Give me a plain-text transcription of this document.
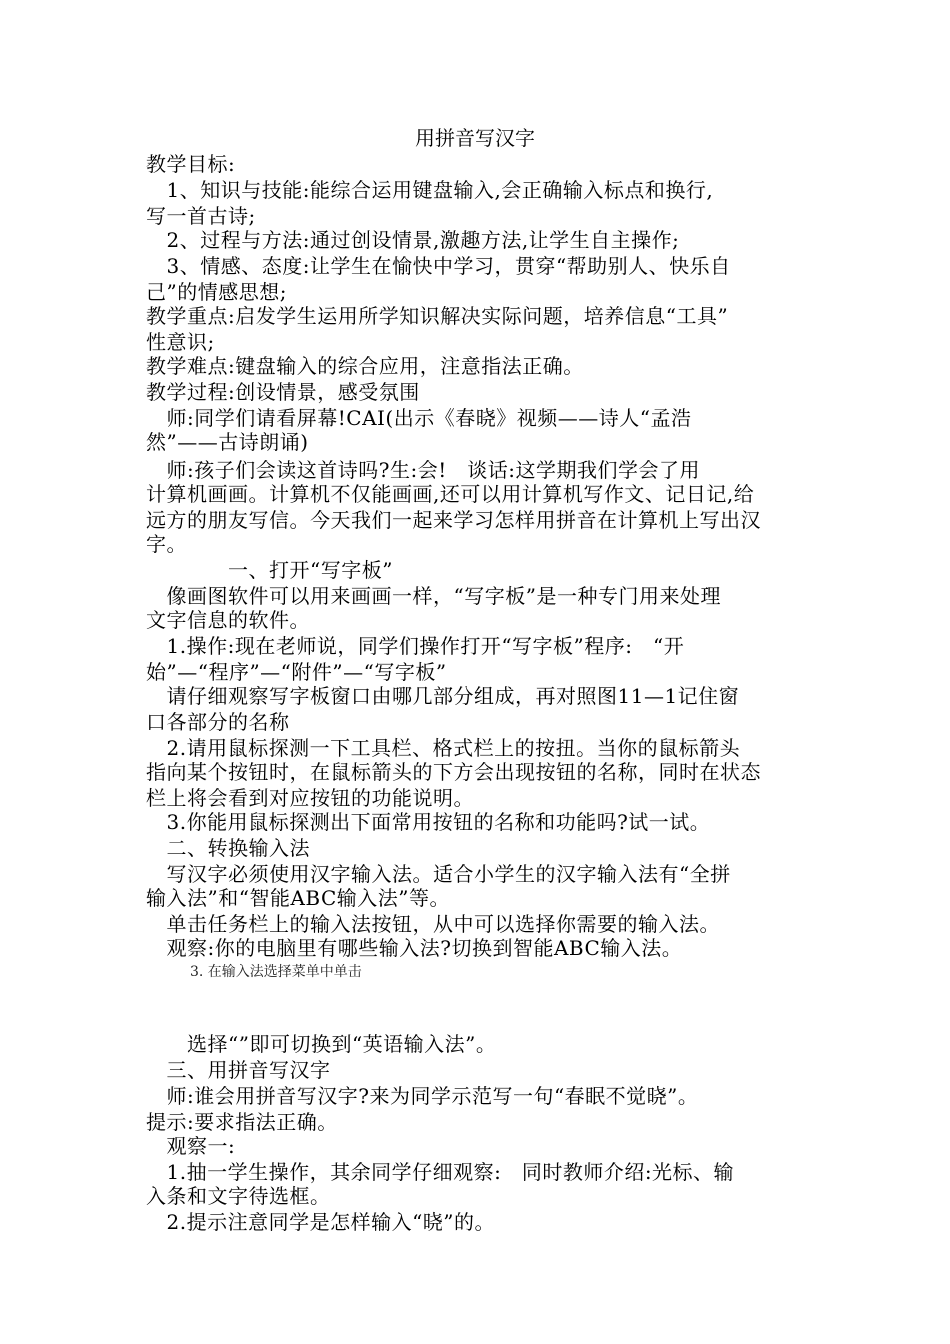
用拼音写汉字
教学目标:
　1、知识与技能:能综合运用键盘输入,会正确输入标点和换行,
写一首古诗;
　2、过程与方法:通过创设情景,激趣方法,让学生自主操作;
　3、情感、态度:让学生在愉快中学习，贯穿“帮助别人、快乐自
己”的情感思想;
教学重点:启发学生运用所学知识解决实际问题，培养信息“工具”
性意识;
教学难点:键盘输入的综合应用，注意指法正确。
教学过程:创设情景，感受氛围
　师:同学们请看屏幕!CAI(出示《春晓》视频——诗人“孟浩
然”——古诗朗诵)
　师:孩子们会读这首诗吗?生:会!　谈话:这学期我们学会了用
计算机画画。计算机不仅能画画,还可以用计算机写作文、记日记,给
远方的朋友写信。今天我们一起来学习怎样用拼音在计算机上写出汉
字。
　　　　一、打开“写字板”
　像画图软件可以用来画画一样，“写字板”是一种专门用来处理
文字信息的软件。
　1.操作:现在老师说，同学们操作打开“写字板”程序:　“开
始”—“程序”—“附件”—“写字板”
　请仔细观察写字板窗口由哪几部分组成，再对照图11—1记住窗
口各部分的名称
　2.请用鼠标探测一下工具栏、格式栏上的按扭。当你的鼠标箭头
指向某个按钮时，在鼠标箭头的下方会出现按钮的名称，同时在状态
栏上将会看到对应按钮的功能说明。
　3.你能用鼠标探测出下面常用按钮的名称和功能吗?试一试。
　二、转换输入法
　写汉字必须使用汉字输入法。适合小学生的汉字输入法有“全拼
输入法”和“智能ABC输入法”等。
　单击任务栏上的输入法按钮，从中可以选择你需要的输入法。
　观察:你的电脑里有哪些输入法?切换到智能ABC输入法。
3. 在输入法选择菜单中单击
　　选择“”即可切换到“英语输入法”。
　三、用拼音写汉字
　师:谁会用拼音写汉字?来为同学示范写一句“春眠不觉晓”。
提示:要求指法正确。
　观察一:
　1.抽一学生操作，其余同学仔细观察:　同时教师介绍:光标、输
入条和文字待选框。
　2.提示注意同学是怎样输入“晓”的。
